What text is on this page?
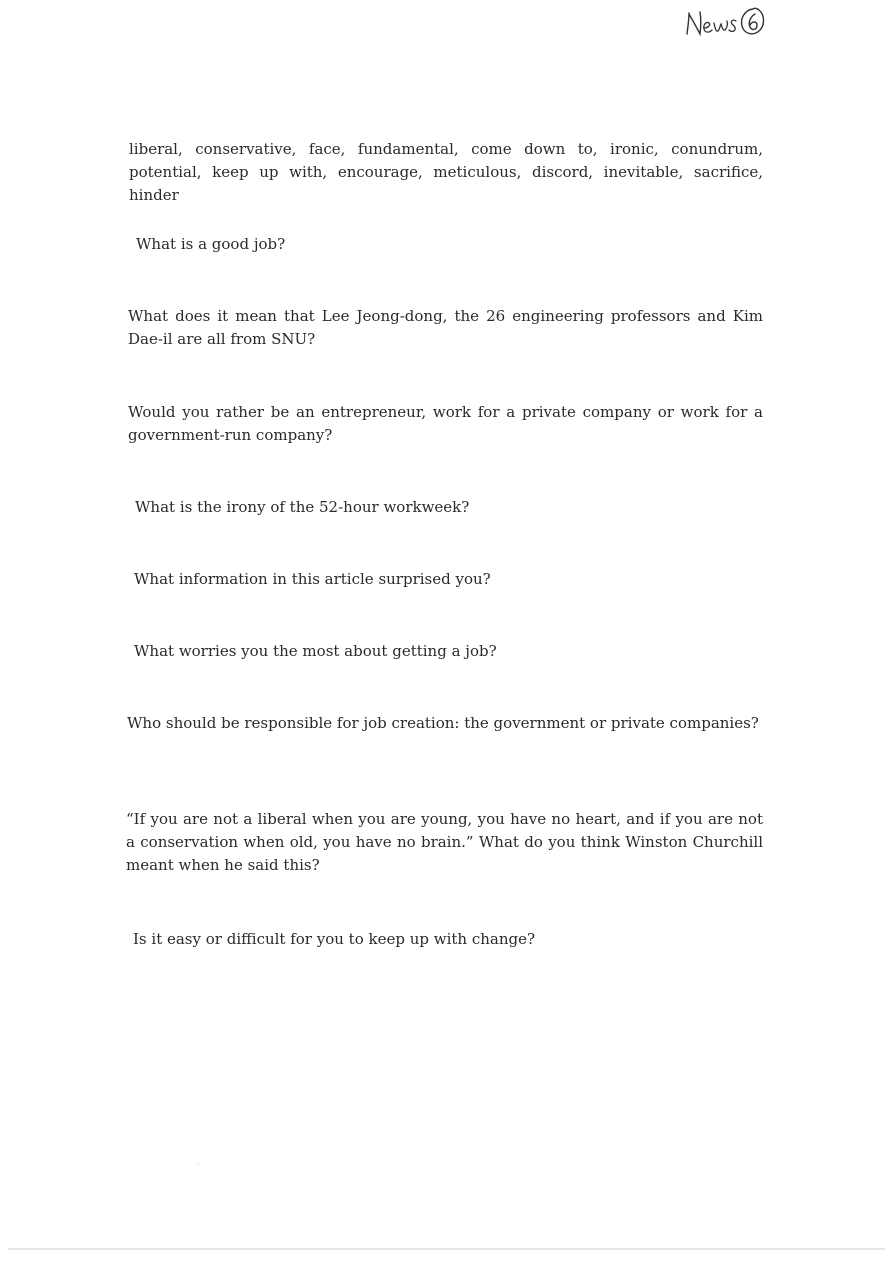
liberal, conservative, face, fundamental, come down to, ironic, conundrum, potential, keep up with, encourage, meticulous, discord, inevitable, sacrifice, hinder

What is a good job?

What does it mean that Lee Jeong-dong, the 26 engineering professors and Kim Dae-il are all from SNU?

Would you rather be an entrepreneur, work for a private company or work for a government-run company?

What is the irony of the 52-hour workweek?

What information in this article surprised you?

What worries you the most about getting a job?

Who should be responsible for job creation: the government or private companies?

“If you are not a liberal when you are young, you have no heart, and if you are not a conservation when old, you have no brain.” What do you think Winston Churchill meant when he said this?

Is it easy or difficult for you to keep up with change?
